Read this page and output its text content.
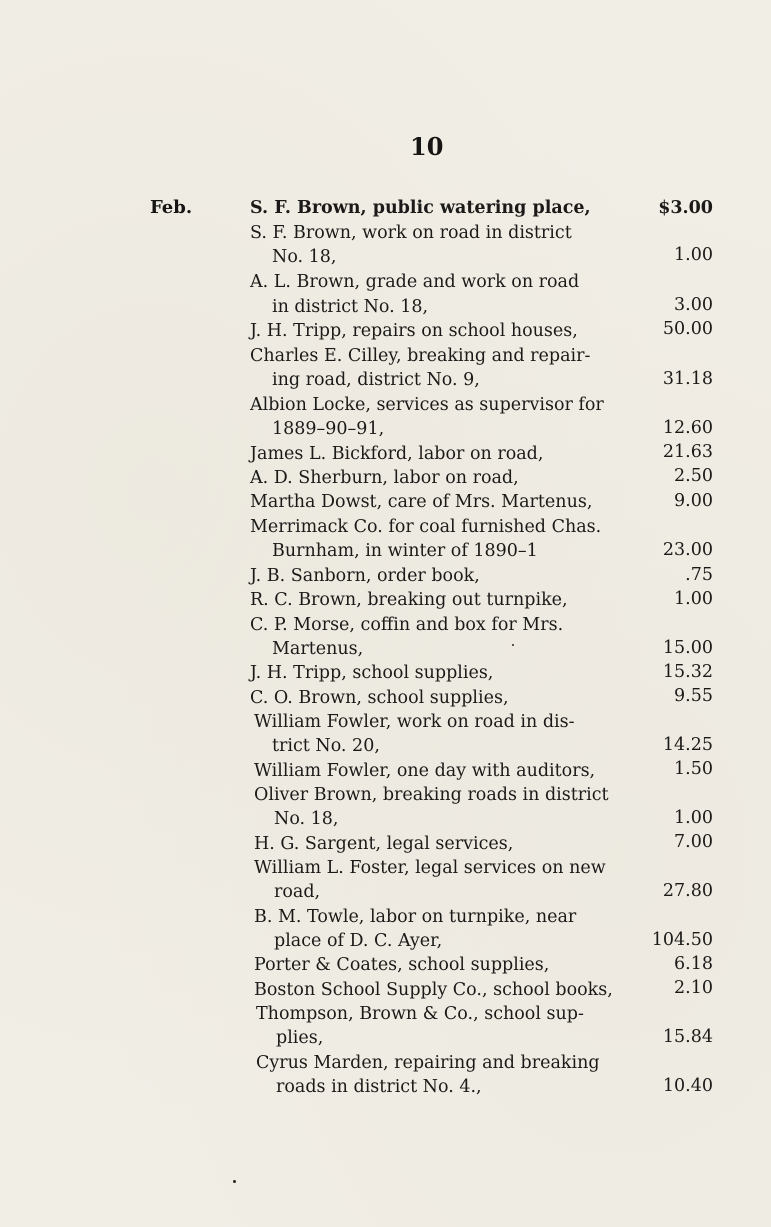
10
Feb.	S. F. Brown, public watering place,	$3.00
S. F. Brown, work on road in district
No. 18,	1.00
A. L. Brown, grade and work on road
in district No. 18,	3.00
J. H. Tripp, repairs on school houses,	50.00
Charles E. Cilley, breaking and repair-
ing road, district No. 9,	31.18
Albion Locke, services as supervisor for
1889–90–91,	12.60
James L. Bickford, labor on road,	21.63
A. D. Sherburn, labor on road,	2.50
Martha Dowst, care of Mrs. Martenus,	9.00
Merrimack Co. for coal furnished Chas.
Burnham, in winter of 1890–1	23.00
J. B. Sanborn, order book,	.75
R. C. Brown, breaking out turnpike,	1.00
C. P. Morse, coffin and box for Mrs.
Martenus,	15.00
J. H. Tripp, school supplies,	15.32
C. O. Brown, school supplies,	9.55
William Fowler, work on road in dis-
trict No. 20,	14.25
William Fowler, one day with auditors,	1.50
Oliver Brown, breaking roads in district
No. 18,	1.00
H. G. Sargent, legal services,	7.00
William L. Foster, legal services on new
road,	27.80
B. M. Towle, labor on turnpike, near
place of D. C. Ayer,	104.50
Porter & Coates, school supplies,	6.18
Boston School Supply Co., school books,	2.10
Thompson, Brown & Co., school sup-
plies,	15.84
Cyrus Marden, repairing and breaking
roads in district No. 4.,	10.40
